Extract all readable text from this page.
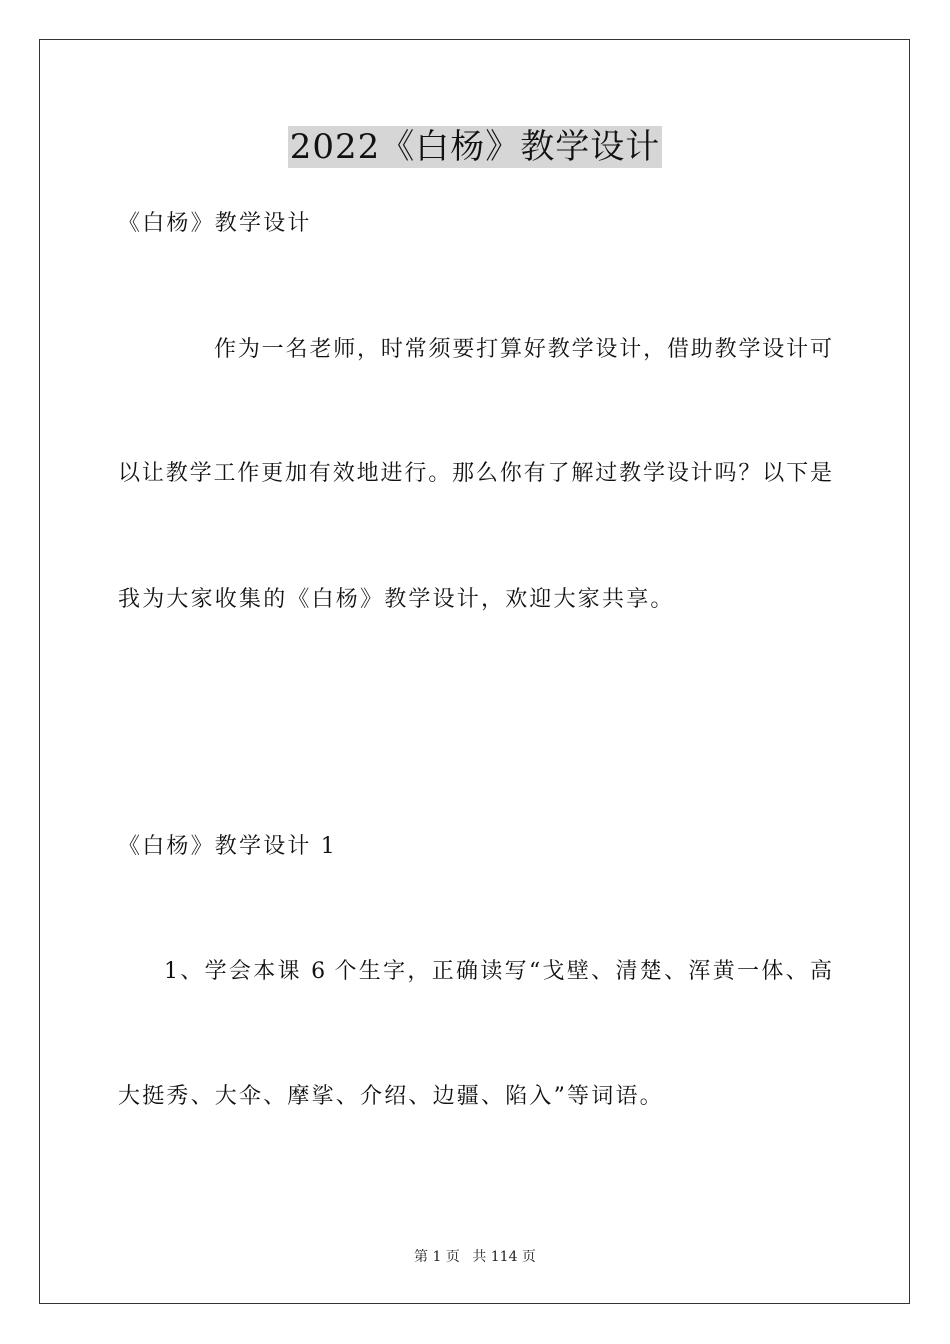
2022《白杨》教学设计
《白杨》教学设计
作为一名老师，时常须要打算好教学设计，借助教学设计可
以让教学工作更加有效地进行。那么你有了解过教学设计吗？以下是
我为大家收集的《白杨》教学设计，欢迎大家共享。
《白杨》教学设计 1
1、学会本课 6 个生字，正确读写“戈壁、清楚、浑黄一体、高
大挺秀、大伞、摩挲、介绍、边疆、陷入”等词语。
第 1 页 共 114 页
